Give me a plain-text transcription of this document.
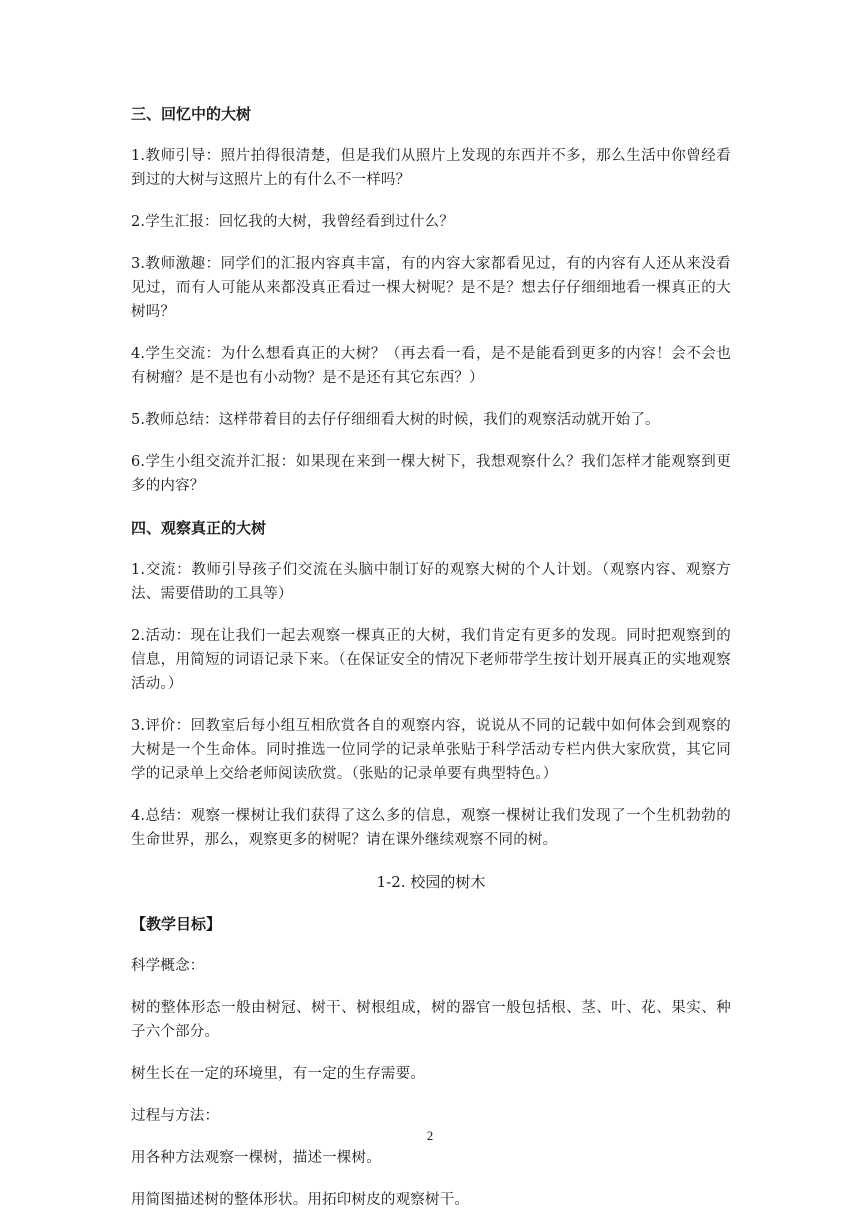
三、回忆中的大树
1.教师引导：照片拍得很清楚，但是我们从照片上发现的东西并不多，那么生活中你曾经看到过的大树与这照片上的有什么不一样吗？
2.学生汇报：回忆我的大树，我曾经看到过什么？
3.教师激趣：同学们的汇报内容真丰富，有的内容大家都看见过，有的内容有人还从来没看见过，而有人可能从来都没真正看过一棵大树呢？是不是？想去仔仔细细地看一棵真正的大树吗？
4.学生交流：为什么想看真正的大树？（再去看一看，是不是能看到更多的内容！会不会也有树瘤？是不是也有小动物？是不是还有其它东西？）
5.教师总结：这样带着目的去仔仔细细看大树的时候，我们的观察活动就开始了。
6.学生小组交流并汇报：如果现在来到一棵大树下，我想观察什么？我们怎样才能观察到更多的内容？
四、观察真正的大树
1.交流：教师引导孩子们交流在头脑中制订好的观察大树的个人计划。（观察内容、观察方法、需要借助的工具等）
2.活动：现在让我们一起去观察一棵真正的大树，我们肯定有更多的发现。同时把观察到的信息，用简短的词语记录下来。（在保证安全的情况下老师带学生按计划开展真正的实地观察活动。）
3.评价：回教室后每小组互相欣赏各自的观察内容，说说从不同的记载中如何体会到观察的大树是一个生命体。同时推选一位同学的记录单张贴于科学活动专栏内供大家欣赏，其它同学的记录单上交给老师阅读欣赏。（张贴的记录单要有典型特色。）
4.总结：观察一棵树让我们获得了这么多的信息，观察一棵树让我们发现了一个生机勃勃的生命世界，那么，观察更多的树呢？请在课外继续观察不同的树。
1-2. 校园的树木
【教学目标】
科学概念：
树的整体形态一般由树冠、树干、树根组成，树的器官一般包括根、茎、叶、花、果实、种子六个部分。
树生长在一定的环境里，有一定的生存需要。
过程与方法：
用各种方法观察一棵树，描述一棵树。
用简图描述树的整体形状。用拓印树皮的观察树干。
2
